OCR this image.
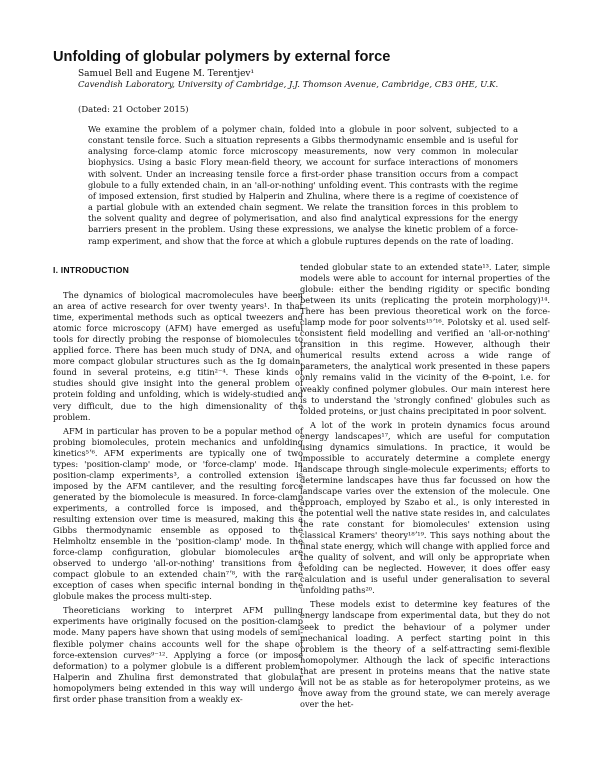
Unfolding of globular polymers by external force
Samuel Bell and Eugene M. Terentjev¹
Cavendish Laboratory, University of Cambridge, J.J. Thomson Avenue, Cambridge, CB3 0HE, U.K.
(Dated: 21 October 2015)
We examine the problem of a polymer chain, folded into a globule in poor solvent, subjected to a constant tensile force. Such a situation represents a Gibbs thermodynamic ensemble and is useful for analysing force-clamp atomic force microscopy measurements, now very common in molecular biophysics. Using a basic Flory mean-field theory, we account for surface interactions of monomers with solvent. Under an increasing tensile force a first-order phase transition occurs from a compact globule to a fully extended chain, in an 'all-or-nothing' unfolding event. This contrasts with the regime of imposed extension, first studied by Halperin and Zhulina, where there is a regime of coexistence of a partial globule with an extended chain segment. We relate the transition forces in this problem to the solvent quality and degree of polymerisation, and also find analytical expressions for the energy barriers present in the problem. Using these expressions, we analyse the kinetic problem of a force-ramp experiment, and show that the force at which a globule ruptures depends on the rate of loading.
I. INTRODUCTION

The dynamics of biological macromolecules have been an area of active research for over twenty years¹. In that time, experimental methods such as optical tweezers and atomic force microscopy (AFM) have emerged as useful tools for directly probing the response of biomolecules to applied force. There has been much study of DNA, and of more compact globular structures such as the Ig domain, found in several proteins, e.g titin²⁻⁴. These kinds of studies should give insight into the general problem of protein folding and unfolding, which is widely-studied and very difficult, due to the high dimensionality of the problem.

AFM in particular has proven to be a popular method of probing biomolecules, protein mechanics and unfolding kinetics⁵ʼ⁶. AFM experiments are typically one of two types: 'position-clamp' mode, or 'force-clamp' mode. In position-clamp experiments³, a controlled extension is imposed by the AFM cantilever, and the resulting force generated by the biomolecule is measured. In force-clamp experiments, a controlled force is imposed, and the resulting extension over time is measured, making this a Gibbs thermodynamic ensemble as opposed to the Helmholtz ensemble in the 'position-clamp' mode. In the force-clamp configuration, globular biomolecules are observed to undergo 'all-or-nothing' transitions from a compact globule to an extended chain⁷ʼ⁸, with the rare exception of cases when specific internal bonding in the globule makes the process multi-step.

Theoreticians working to interpret AFM pulling experiments have originally focused on the position-clamp mode. Many papers have shown that using models of semi-flexible polymer chains accounts well for the shape of force-extension curves⁹⁻¹². Applying a force (or impose deformation) to a polymer globule is a different problem. Halperin and Zhulina first demonstrated that globular homopolymers being extended in this way will undergo a first order phase transition from a weakly ex-

tended globular state to an extended state¹³. Later, simple models were able to account for internal properties of the globule: either the bending rigidity or specific bonding between its units (replicating the protein morphology)¹⁴. There has been previous theoretical work on the force-clamp mode for poor solvents¹⁵ʼ¹⁶. Polotsky et al. used self-consistent field modelling and verified an 'all-or-nothing' transition in this regime. However, although their numerical results extend across a wide range of parameters, the analytical work presented in these papers only remains valid in the vicinity of the Θ-point, i.e. for weakly confined polymer globules. Our main interest here is to understand the 'strongly confined' globules such as folded proteins, or just chains precipitated in poor solvent.

A lot of the work in protein dynamics focus around energy landscapes¹⁷, which are useful for computation using dynamics simulations. In practice, it would be impossible to accurately determine a complete energy landscape through single-molecule experiments; efforts to determine landscapes have thus far focussed on how the landscape varies over the extension of the molecule. One approach, employed by Szabo et al., is only interested in the potential well the native state resides in, and calculates the rate constant for biomolecules' extension using classical Kramers' theory¹⁸ʼ¹⁹. This says nothing about the final state energy, which will change with applied force and the quality of solvent, and will only be appropriate when refolding can be neglected. However, it does offer easy calculation and is useful under generalisation to several unfolding paths²⁰.

These models exist to determine key features of the energy landscape from experimental data, but they do not seek to predict the behaviour of a polymer under mechanical loading. A perfect starting point in this problem is the theory of a self-attracting semi-flexible homopolymer. Although the lack of specific interactions that are present in proteins means that the native state will not be as stable as for heteropolymer proteins, as we move away from the ground state, we can merely average over the het-
